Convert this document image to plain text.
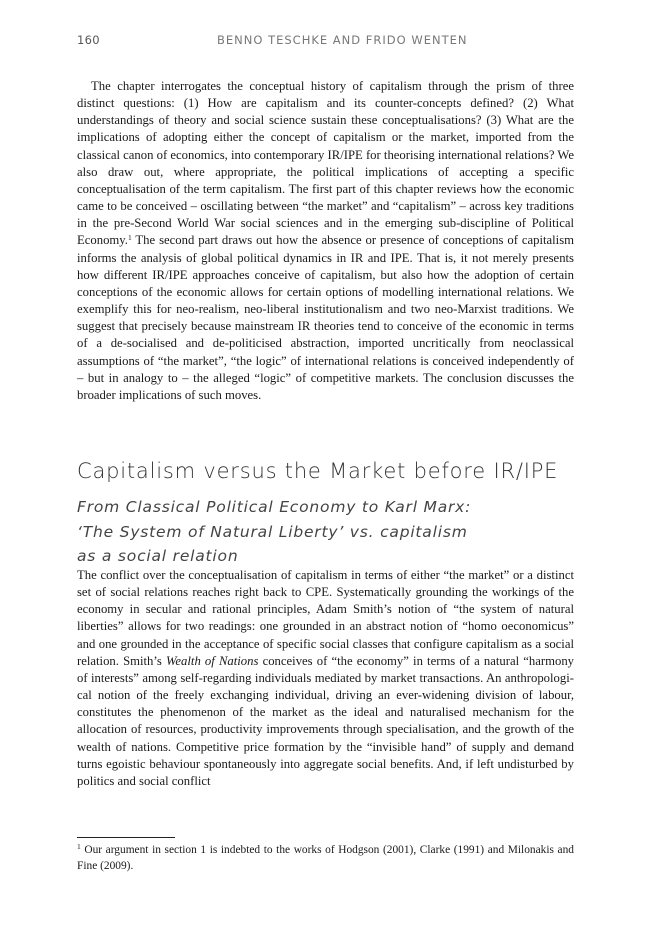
160	BENNO TESCHKE AND FRIDO WENTEN

The chapter interrogates the conceptual history of capitalism through the prism of three distinct questions: (1) How are capitalism and its counter-concepts defined? (2) What understandings of theory and social science sustain these conceptualisations? (3) What are the implications of adopting either the concept of capitalism or the market, imported from the classical canon of economics, into contemporary IR/​IPE for theorising international relations? We also draw out, where appropriate, the political implications of accepting a specific conceptualisation of the term capitalism. The first part of this chapter reviews how the economic came to be conceived – oscillating between “the market” and “capitalism” – across key traditions in the pre-Second World War social sciences and in the emerging sub-discipline of Political Economy.$^1$ The second part draws out how the absence or presence of conceptions of capitalism informs the analysis of global political dynamics in IR and IPE. That is, it not merely presents how different IR/IPE approaches conceive of capitalism, but also how the adoption of certain conceptions of the economic allows for certain options of modelling international relations. We exemplify this for neo-realism, neo-liberal institutionalism and two neo-Marxist traditions. We suggest that precisely because mainstream IR theories tend to conceive of the economic in terms of a de-socialised and de-politicised abstraction, imported uncritically from neoclassical assumptions of “the market”, “the logic” of international relations is conceived independently of – but in analogy to – the alleged “logic” of competitive markets. The conclusion discusses the broader implications of such moves.

Capitalism versus the Market before IR/IPE
From Classical Political Economy to Karl Marx:
‘The System of Natural Liberty’ vs. capitalism
as a social relation

The conflict over the conceptualisation of capitalism in terms of either “the market” or a distinct set of social relations reaches right back to CPE. Systematically grounding the workings of the economy in secular and rational principles, Adam Smith’s notion of “the system of natural liberties” allows for two readings: one grounded in an abstract notion of “homo oeconomicus” and one grounded in the acceptance of specific social classes that configure capitalism as a social relation. Smith’s Wealth of Nations conceives of “the economy” in terms of a natural “harmony of interests” among self-regarding individuals mediated by market transactions. An anthropological notion of the freely exchanging individual, driving an ever-widening division of labour, constitutes the phenomenon of the market as the ideal and naturalised mechanism for the allocation of resources, productivity improvements through specialisation, and the growth of the wealth of nations. Competitive price formation by the “invisible hand” of supply and demand turns egoistic behaviour spontaneously into aggregate social benefits. And, if left undisturbed by politics and social conflict

$^1$ Our argument in section 1 is indebted to the works of Hodgson (2001), Clarke (1991) and Milonakis and Fine (2009).
